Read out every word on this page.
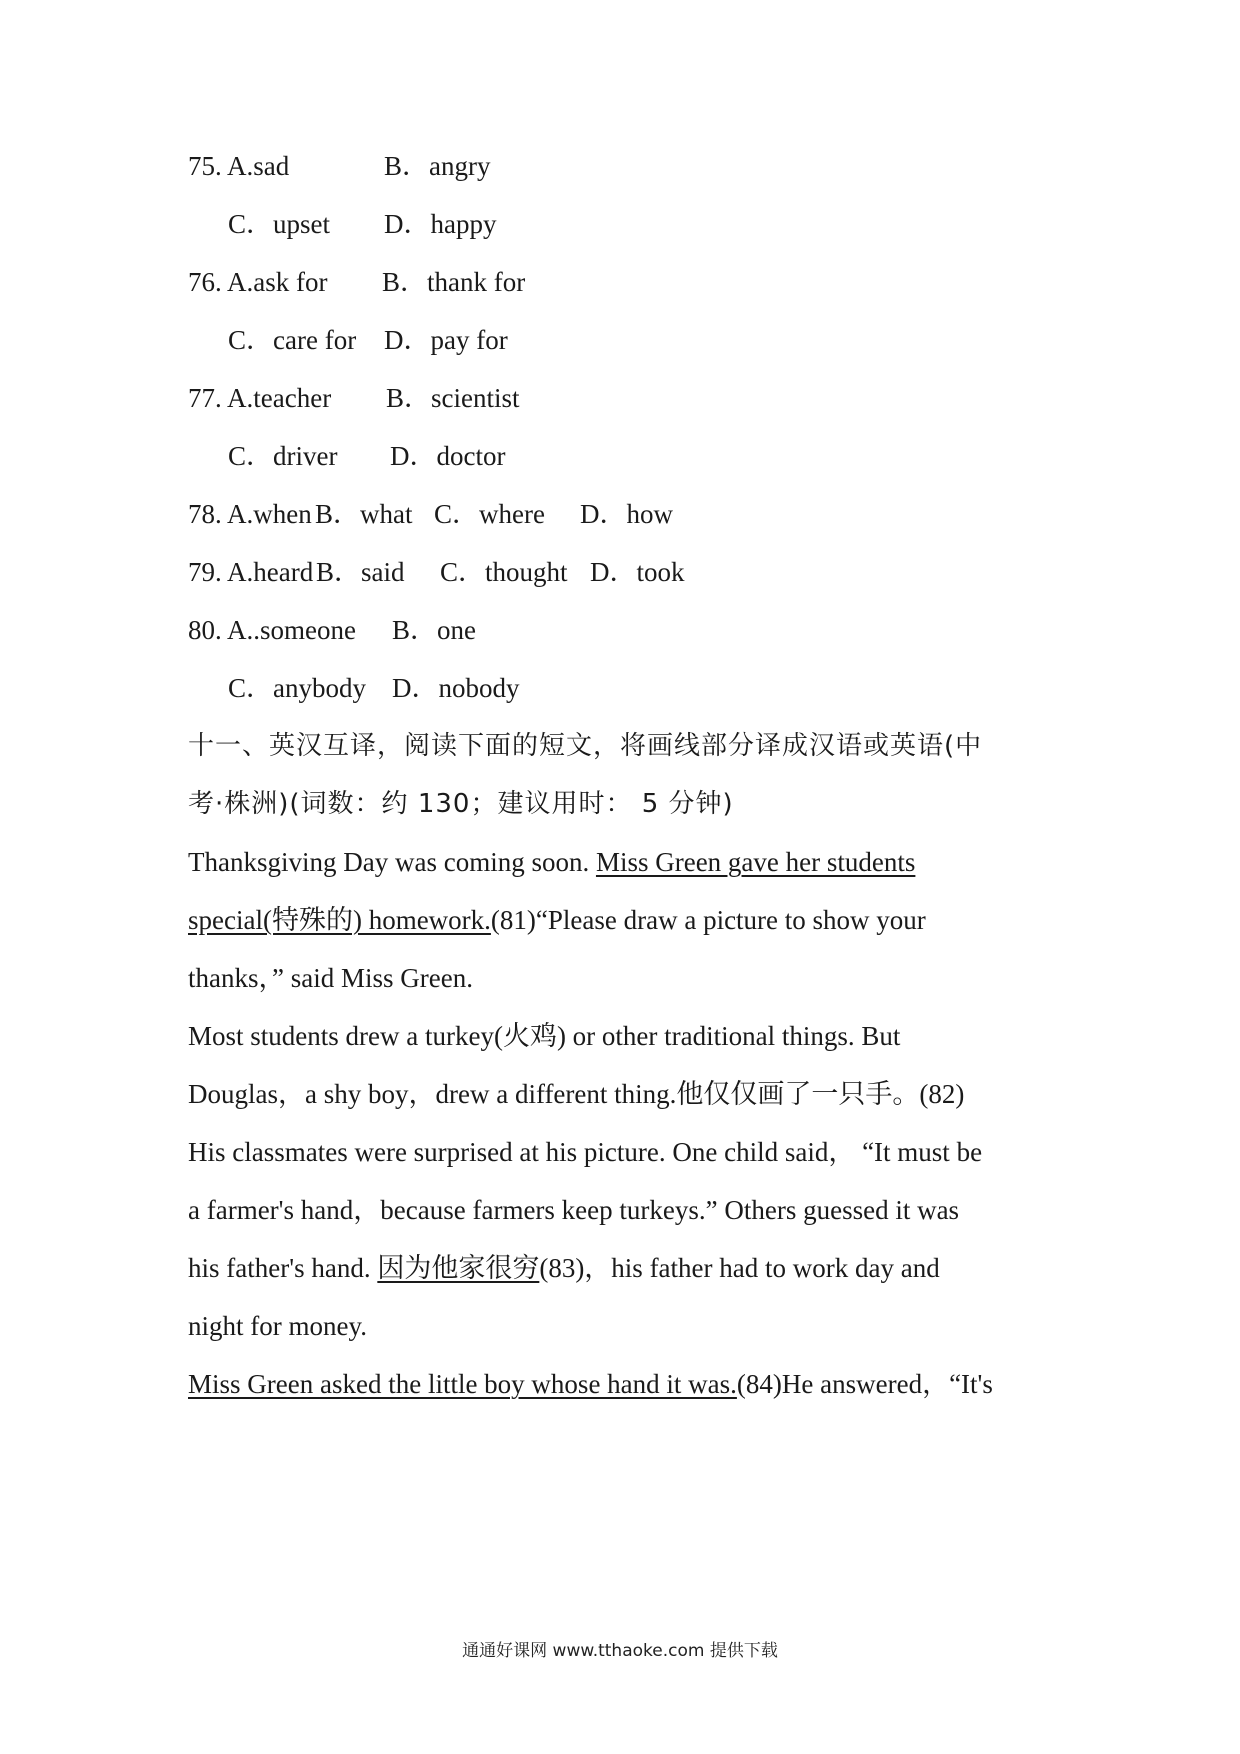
75. A.sad	B．angry
C．upset D．happy
76. A.ask for B．thank for
C．care for D．pay for
77. A.teacher B．scientist
C．driver D．doctor
78. A.when B．what C．where D．how
79. A.heard B．said C．thought D．took
80. A..someone B．one
C．anybody D．nobody
十一、英汉互译，阅读下面的短文，将画线部分译成汉语或英语(中
考·株洲)(词数：约 130；建议用时： 5 分钟)
Thanksgiving Day was coming soon. Miss Green gave her students
special(特殊的) homework.(81)“Please draw a picture to show your
thanks，” said Miss Green.
Most students drew a turkey(火鸡) or other traditional things. But
Douglas，a shy boy，drew a different thing.他仅仅画了一只手。(82)
His classmates were surprised at his picture. One child said， “It must be
a farmer's hand，because farmers keep turkeys.” Others guessed it was
his father's hand. 因为他家很穷(83)，his father had to work day and
night for money.
Miss Green asked the little boy whose hand it was.(84)He answered，“It's
通通好课网 www.tthaoke.com 提供下载
